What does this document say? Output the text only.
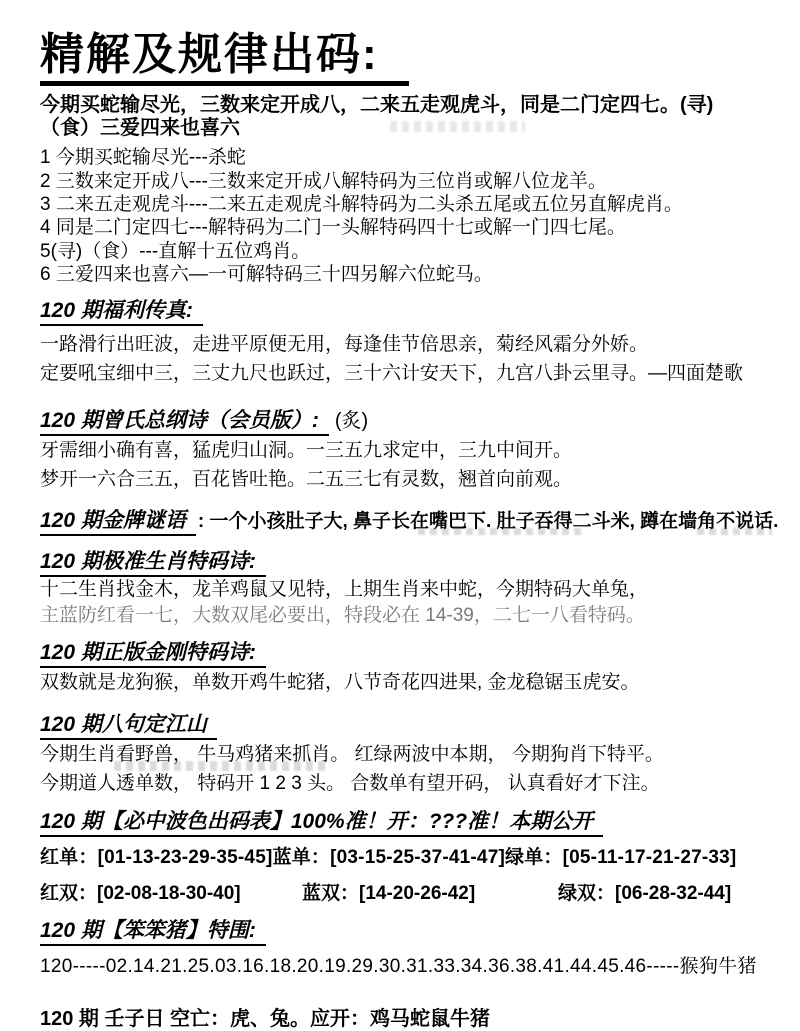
精解及规律出码:
今期买蛇输尽光，三数来定开成八，二来五走观虎斗，同是二门定四七。(寻)
（食）三爱四来也喜六
1 今期买蛇输尽光---杀蛇
2 三数来定开成八---三数来定开成八解特码为三位肖或解八位龙羊。
3 二来五走观虎斗---二来五走观虎斗解特码为二头杀五尾或五位另直解虎肖。
4 同是二门定四七---解特码为二门一头解特码四十七或解一门四七尾。
5(寻)（食）---直解十五位鸡肖。
6 三爱四来也喜六—一可解特码三十四另解六位蛇马。
120 期福利传真:
一路滑行出旺波，走进平原便无用，每逢佳节倍思亲，菊经风霜分外娇。
定要吼宝细中三，三丈九尺也跃过，三十六计安天下，九宫八卦云里寻。—四面楚歌
120 期曾氏总纲诗（会员版）: (炙)
牙需细小确有喜，猛虎归山洞。一三五九求定中，三九中间开。
梦开一六合三五，百花皆吐艳。二五三七有灵数，翘首向前观。
120 期金牌谜语 : 一个小孩肚子大, 鼻子长在嘴巴下. 肚子吞得二斗米, 蹲在墙角不说话.
120 期极准生肖特码诗:
十二生肖找金木，龙羊鸡鼠又见特，上期生肖来中蛇，今期特码大单兔，
主蓝防红看一七，大数双尾必要出，特段必在 14-39，二七一八看特码。
120 期正版金刚特码诗:
双数就是龙狗猴，单数开鸡牛蛇猪，八节奇花四进果, 金龙稳锯玉虎安。
120 期八句定江山
今期生肖看野兽， 牛马鸡猪来抓肖。 红绿两波中本期， 今期狗肖下特平。
今期道人透单数， 特码开 1 2 3 头。 合数单有望开码， 认真看好才下注。
120 期【必中波色出码表】100%准！开：???准！本期公开
红单：[01-13-23-29-35-45]蓝单：[03-15-25-37-41-47]绿单：[05-11-17-21-27-33]
红双：[02-08-18-30-40]	蓝双：[14-20-26-42]	绿双：[06-28-32-44]
120 期【笨笨猪】特围:
120-----02.14.21.25.03.16.18.20.19.29.30.31.33.34.36.38.41.44.45.46-----猴狗牛猪
120 期 壬子日 空亡：虎、兔。应开：鸡马蛇鼠牛猪
